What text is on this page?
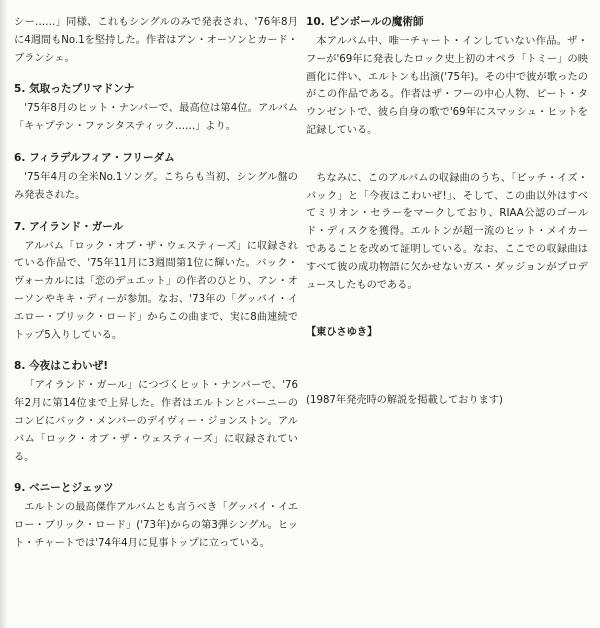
シー……」同様、これもシングルのみで発表され、'76年8月に4週間もNo.1を堅持した。作者はアン・オーソンとカード・ブランシェ。

5. 気取ったプリマドンナ

'75年8月のヒット・ナンバーで、最高位は第4位。アルバム「キャプテン・ファンタスティック……」より。

6. フィラデルフィア・フリーダム

'75年4月の全米No.1ソング。こちらも当初、シングル盤のみ発表された。

7. アイランド・ガール

アルバム「ロック・オブ・ザ・ウェスティーズ」に収録されている作品で、'75年11月に3週間第1位に輝いた。バック・ヴォーカルには「恋のデュエット」の作者のひとり、アン・オーソンやキキ・ディーが参加。なお、'73年の「グッバイ・イエロー・ブリック・ロード」からこの曲まで、実に8曲連続でトップ5入りしている。

8. 今夜はこわいぜ!

「アイランド・ガール」につづくヒット・ナンバーで、'76年2月に第14位まで上昇した。作者はエルトンとバーニーのコンビにバック・メンバーのデイヴィー・ジョンストン。アルバム「ロック・オブ・ザ・ウェスティーズ」に収録されている。

9. ベニーとジェッツ

エルトンの最高傑作アルバムとも言うべき「グッバイ・イエロー・ブリック・ロード」('73年)からの第3弾シングル。ヒット・チャートでは'74年4月に見事トップに立っている。

10. ピンボールの魔術師

本アルバム中、唯一チャート・インしていない作品。ザ・フーが'69年に発表したロック史上初のオペラ「トミー」の映画化に伴い、エルトンも出演('75年)。その中で彼が歌ったのがこの作品である。作者はザ・フーの中心人物、ピート・タウンゼントで、彼ら自身の歌で'69年にスマッシュ・ヒットを記録している。

ちなみに、このアルバムの収録曲のうち、「ピッチ・イズ・バック」と「今夜はこわいぜ!」、そして、この曲以外はすべてミリオン・セラーをマークしており、RIAA公認のゴールド・ディスクを獲得。エルトンが超一流のヒット・メイカーであることを改めて証明している。なお、ここでの収録曲はすべて彼の成功物語に欠かせないガス・ダッジョンがプロデュースしたものである。

【東ひさゆき】

(1987年発売時の解説を掲載しております)
